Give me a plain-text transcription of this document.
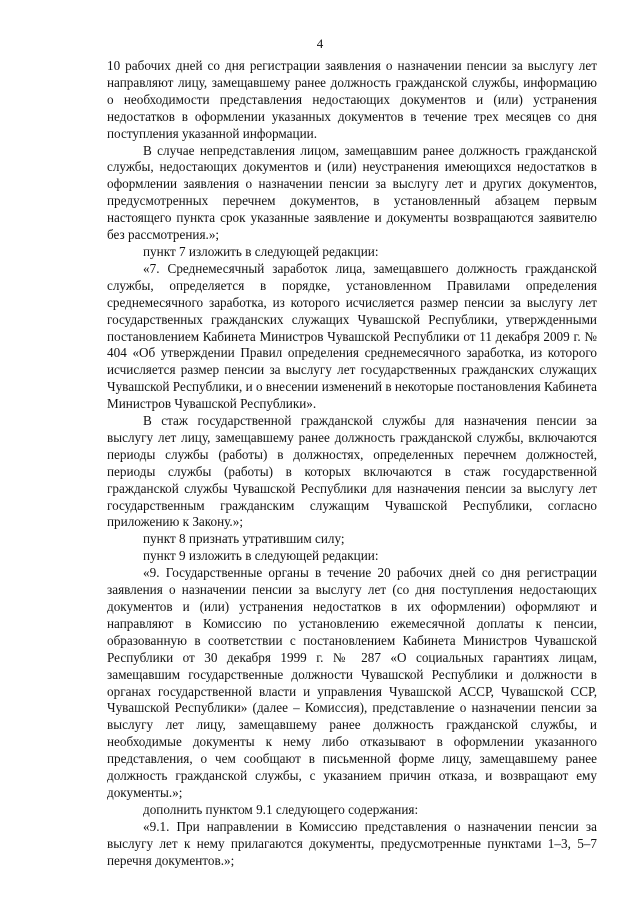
4

10 рабочих дней со дня регистрации заявления о назначении пенсии за выслугу лет направляют лицу, замещавшему ранее должность гражданской службы, информацию о необходимости представления недостающих документов и (или) устранения недостатков в оформлении указанных документов в течение трех месяцев со дня поступления указанной информации.

В случае непредставления лицом, замещавшим ранее должность гражданской службы, недостающих документов и (или) неустранения имеющихся недостатков в оформлении заявления о назначении пенсии за выслугу лет и других документов, предусмотренных перечнем документов, в установленный абзацем первым настоящего пункта срок указанные заявление и документы возвращаются заявителю без рассмотрения.»;

пункт 7 изложить в следующей редакции:

«7. Среднемесячный заработок лица, замещавшего должность гражданской службы, определяется в порядке, установленном Правилами определения среднемесячного заработка, из которого исчисляется размер пенсии за выслугу лет государственных гражданских служащих Чувашской Республики, утвержденными постановлением Кабинета Министров Чувашской Республики от 11 декабря 2009 г. № 404 «Об утверждении Правил определения среднемесячного заработка, из которого исчисляется размер пенсии за выслугу лет государственных гражданских служащих Чувашской Республики, и о внесении изменений в некоторые постановления Кабинета Министров Чувашской Республики».

В стаж государственной гражданской службы для назначения пенсии за выслугу лет лицу, замещавшему ранее должность гражданской службы, включаются периоды службы (работы) в должностях, определенных перечнем должностей, периоды службы (работы) в которых включаются в стаж государственной гражданской службы Чувашской Республики для назначения пенсии за выслугу лет государственным гражданским служащим Чувашской Республики, согласно приложению к Закону.»;

пункт 8 признать утратившим силу;

пункт 9 изложить в следующей редакции:

«9. Государственные органы в течение 20 рабочих дней со дня регистрации заявления о назначении пенсии за выслугу лет (со дня поступления недостающих документов и (или) устранения недостатков в их оформлении) оформляют и направляют в Комиссию по установлению ежемесячной доплаты к пенсии, образованную в соответствии с постановлением Кабинета Министров Чувашской Республики от 30 декабря 1999 г. № 287 «О социальных гарантиях лицам, замещавшим государственные должности Чувашской Республики и должности в органах государственной власти и управления Чувашской АССР, Чувашской ССР, Чувашской Республики» (далее – Комиссия), представление о назначении пенсии за выслугу лет лицу, замещавшему ранее должность гражданской службы, и необходимые документы к нему либо отказывают в оформлении указанного представления, о чем сообщают в письменной форме лицу, замещавшему ранее должность гражданской службы, с указанием причин отказа, и возвращают ему документы.»;

дополнить пунктом 9.1 следующего содержания:

«9.1. При направлении в Комиссию представления о назначении пенсии за выслугу лет к нему прилагаются документы, предусмотренные пунктами 1–3, 5–7 перечня документов.»;
